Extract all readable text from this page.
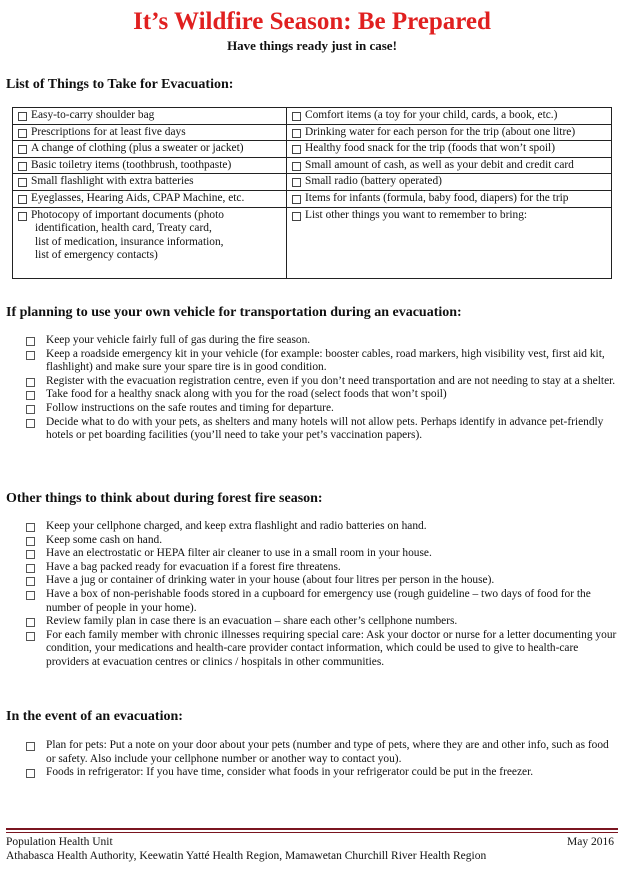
It’s Wildfire Season: Be Prepared
Have things ready just in case!
List of Things to Take for Evacuation:
Easy-to-carry shoulder bag	Comfort items (a toy for your child, cards, a book, etc.)

Prescriptions for at least five days	Drinking water for each person for the trip (about one litre)

A change of clothing (plus a sweater or jacket)	Healthy food snack for the trip (foods that won’t spoil)

Basic toiletry items (toothbrush, toothpaste)	Small amount of cash, as well as your debit and credit card

Small flashlight with extra batteries	Small radio (battery operated)

Eyeglasses, Hearing Aids, CPAP Machine, etc.	Items for infants (formula, baby food, diapers) for the trip

Photocopy of important documents (photo
identification, health card, Treaty card,
list of medication, insurance information,
list of emergency contacts)	List other things you want to remember to bring:
If planning to use your own vehicle for transportation during an evacuation:
Keep your vehicle fairly full of gas during the fire season.
Keep a roadside emergency kit in your vehicle (for example: booster cables, road markers, high visibility vest, first aid kit, flashlight) and make sure your spare tire is in good condition.
Register with the evacuation registration centre, even if you don’t need transportation and are not needing to stay at a shelter.
Take food for a healthy snack along with you for the road (select foods that won’t spoil)
Follow instructions on the safe routes and timing for departure.
Decide what to do with your pets, as shelters and many hotels will not allow pets. Perhaps identify in advance pet-friendly hotels or pet boarding facilities (you’ll need to take your pet’s vaccination papers).
Other things to think about during forest fire season:
Keep your cellphone charged, and keep extra flashlight and radio batteries on hand.
Keep some cash on hand.
Have an electrostatic or HEPA filter air cleaner to use in a small room in your house.
Have a bag packed ready for evacuation if a forest fire threatens.
Have a jug or container of drinking water in your house (about four litres per person in the house).
Have a box of non-perishable foods stored in a cupboard for emergency use (rough guideline – two days of food for the number of people in your home).
Review family plan in case there is an evacuation – share each other’s cellphone numbers.
For each family member with chronic illnesses requiring special care: Ask your doctor or nurse for a letter documenting your condition, your medications and health-care provider contact information, which could be used to give to health-care providers at evacuation centres or clinics / hospitals in other communities.
In the event of an evacuation:
Plan for pets: Put a note on your door about your pets (number and type of pets, where they are and other info, such as food or safety. Also include your cellphone number or another way to contact you).
Foods in refrigerator: If you have time, consider what foods in your refrigerator could be put in the freezer.
Population Health Unit	May 2016
Athabasca Health Authority, Keewatin Yatté Health Region, Mamawetan Churchill River Health Region
